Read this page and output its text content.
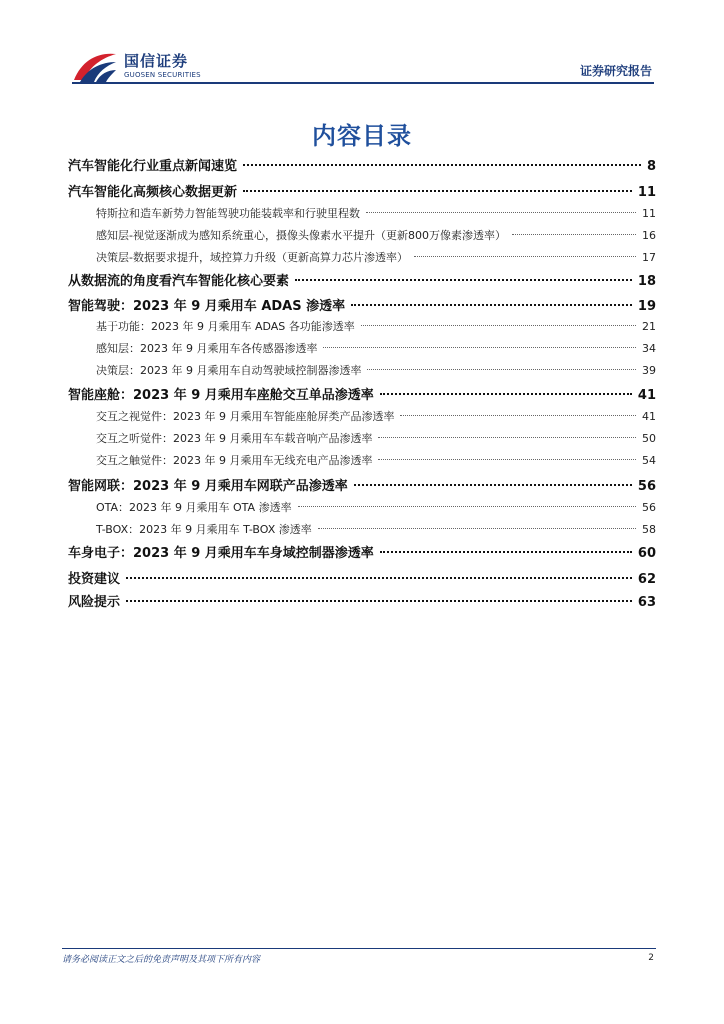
国信证券
GUOSEN SECURITIES	证券研究报告
内容目录
汽车智能化行业重点新闻速览	8
汽车智能化高频核心数据更新	11
特斯拉和造车新势力智能驾驶功能装载率和行驶里程数	11
感知层-视觉逐渐成为感知系统重心，摄像头像素水平提升（更新800万像素渗透率）	16
决策层-数据要求提升，域控算力升级（更新高算力芯片渗透率）	17
从数据流的角度看汽车智能化核心要素	18
智能驾驶：2023 年 9 月乘用车 ADAS 渗透率	19
基于功能：2023 年 9 月乘用车 ADAS 各功能渗透率	21
感知层：2023 年 9 月乘用车各传感器渗透率	34
决策层：2023 年 9 月乘用车自动驾驶域控制器渗透率	39
智能座舱：2023 年 9 月乘用车座舱交互单品渗透率	41
交互之视觉件：2023 年 9 月乘用车智能座舱屏类产品渗透率	41
交互之听觉件：2023 年 9 月乘用车车载音响产品渗透率	50
交互之触觉件：2023 年 9 月乘用车无线充电产品渗透率	54
智能网联：2023 年 9 月乘用车网联产品渗透率	56
OTA：2023 年 9 月乘用车 OTA 渗透率	56
T-BOX：2023 年 9 月乘用车 T-BOX 渗透率	58
车身电子：2023 年 9 月乘用车车身域控制器渗透率	60
投资建议	62
风险提示	63
请务必阅读正文之后的免责声明及其项下所有内容	2
